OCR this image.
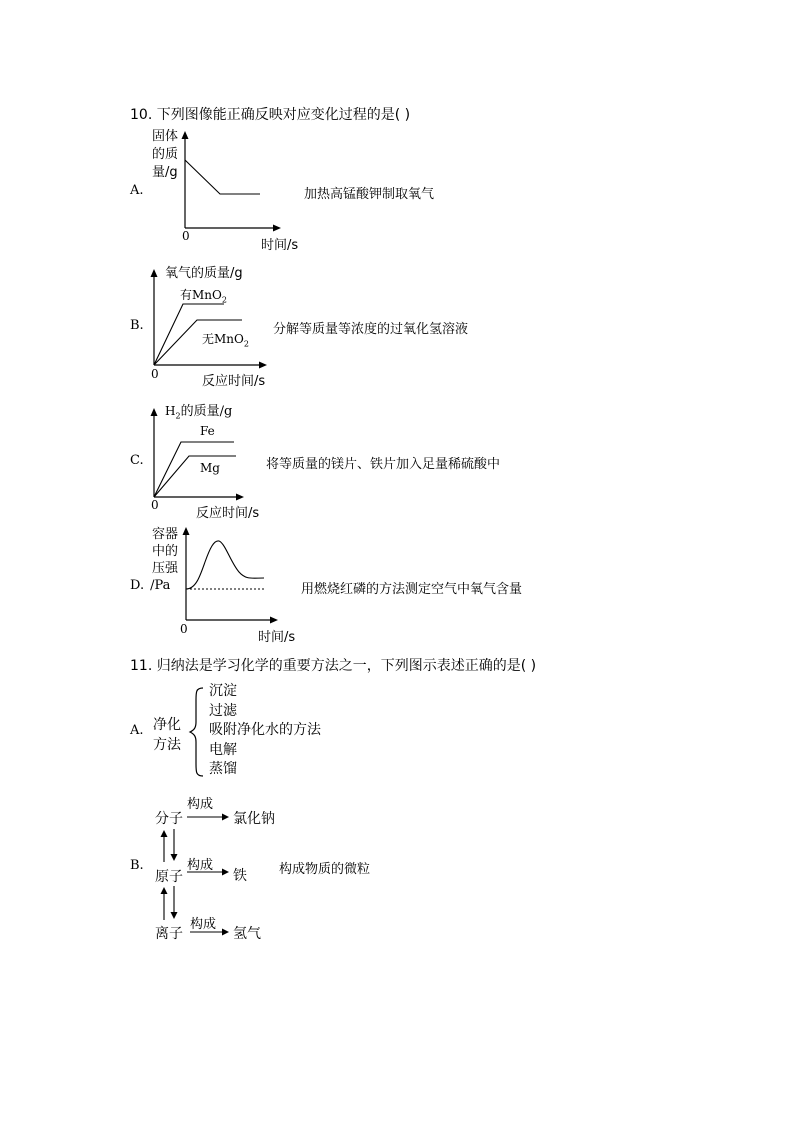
10. 下列图像能正确反映对应变化过程的是( )
A.
固体
的质
量/g
0
时间/s
加热高锰酸钾制取氧气
B.
氧气的质量/g
有MnO$_2$
无MnO$_2$
0	反应时间/s
分解等质量等浓度的过氧化氢溶液
C.
$H_2$的质量/g
Fe
Mg
0
反应时间/s
将等质量的镁片、铁片加入足量稀硫酸中
容器
中的
压强
D. /Pa
0
时间/s
用燃烧红磷的方法测定空气中氧气含量
11. 归纳法是学习化学的重要方法之一，下列图示表述正确的是( )
A. 净化
方法
沉淀
过滤
吸附净化水的方法
电解
蒸馏
B.
分子
原子
离子
构成
构成
构成
氯化钠
铁
氢气
构成物质的微粒
